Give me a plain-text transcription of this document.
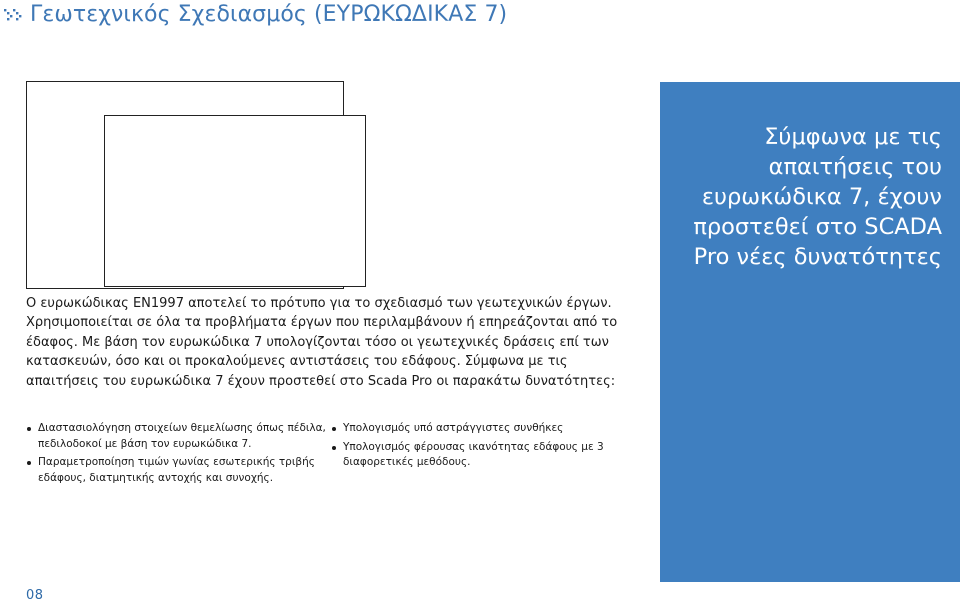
Γεωτεχνικός Σχεδιασμός (ΕΥΡΩΚΩΔΙΚΑΣ 7)

Ο ευρωκώδικας EN1997 αποτελεί το πρότυπο για το σχεδιασμό των γεωτεχνικών έργων. Χρησιμοποιείται σε όλα τα προβλήματα έργων που περιλαμβάνουν ή επηρεάζονται από το έδαφος. Με βάση τον ευρωκώδικα 7 υπολογίζονται τόσο οι γεωτεχνικές δράσεις επί των κατασκευών, όσο και οι προκαλούμενες αντιστάσεις του εδάφους. Σύμφωνα με τις απαιτήσεις του ευρωκώδικα 7 έχουν προστεθεί στο Scada Pro οι παρακάτω δυνατότητες:

Διαστασιολόγηση στοιχείων θεμελίωσης όπως πέδιλα, πεδιλοδοκοί με βάση τον ευρωκώδικα 7.
Παραμετροποίηση τιμών γωνίας εσωτερικής τριβής εδάφους, διατμητικής αντοχής και συνοχής.
Υπολογισμός υπό αστράγγιστες συνθήκες
Υπολογισμός φέρουσας ικανότητας εδάφους με 3 διαφορετικές μεθόδους.
Σύμφωνα με τις απαιτήσεις του ευρωκώδικα 7, έχουν προστεθεί στο SCADA Pro νέες δυνατότητες
08
